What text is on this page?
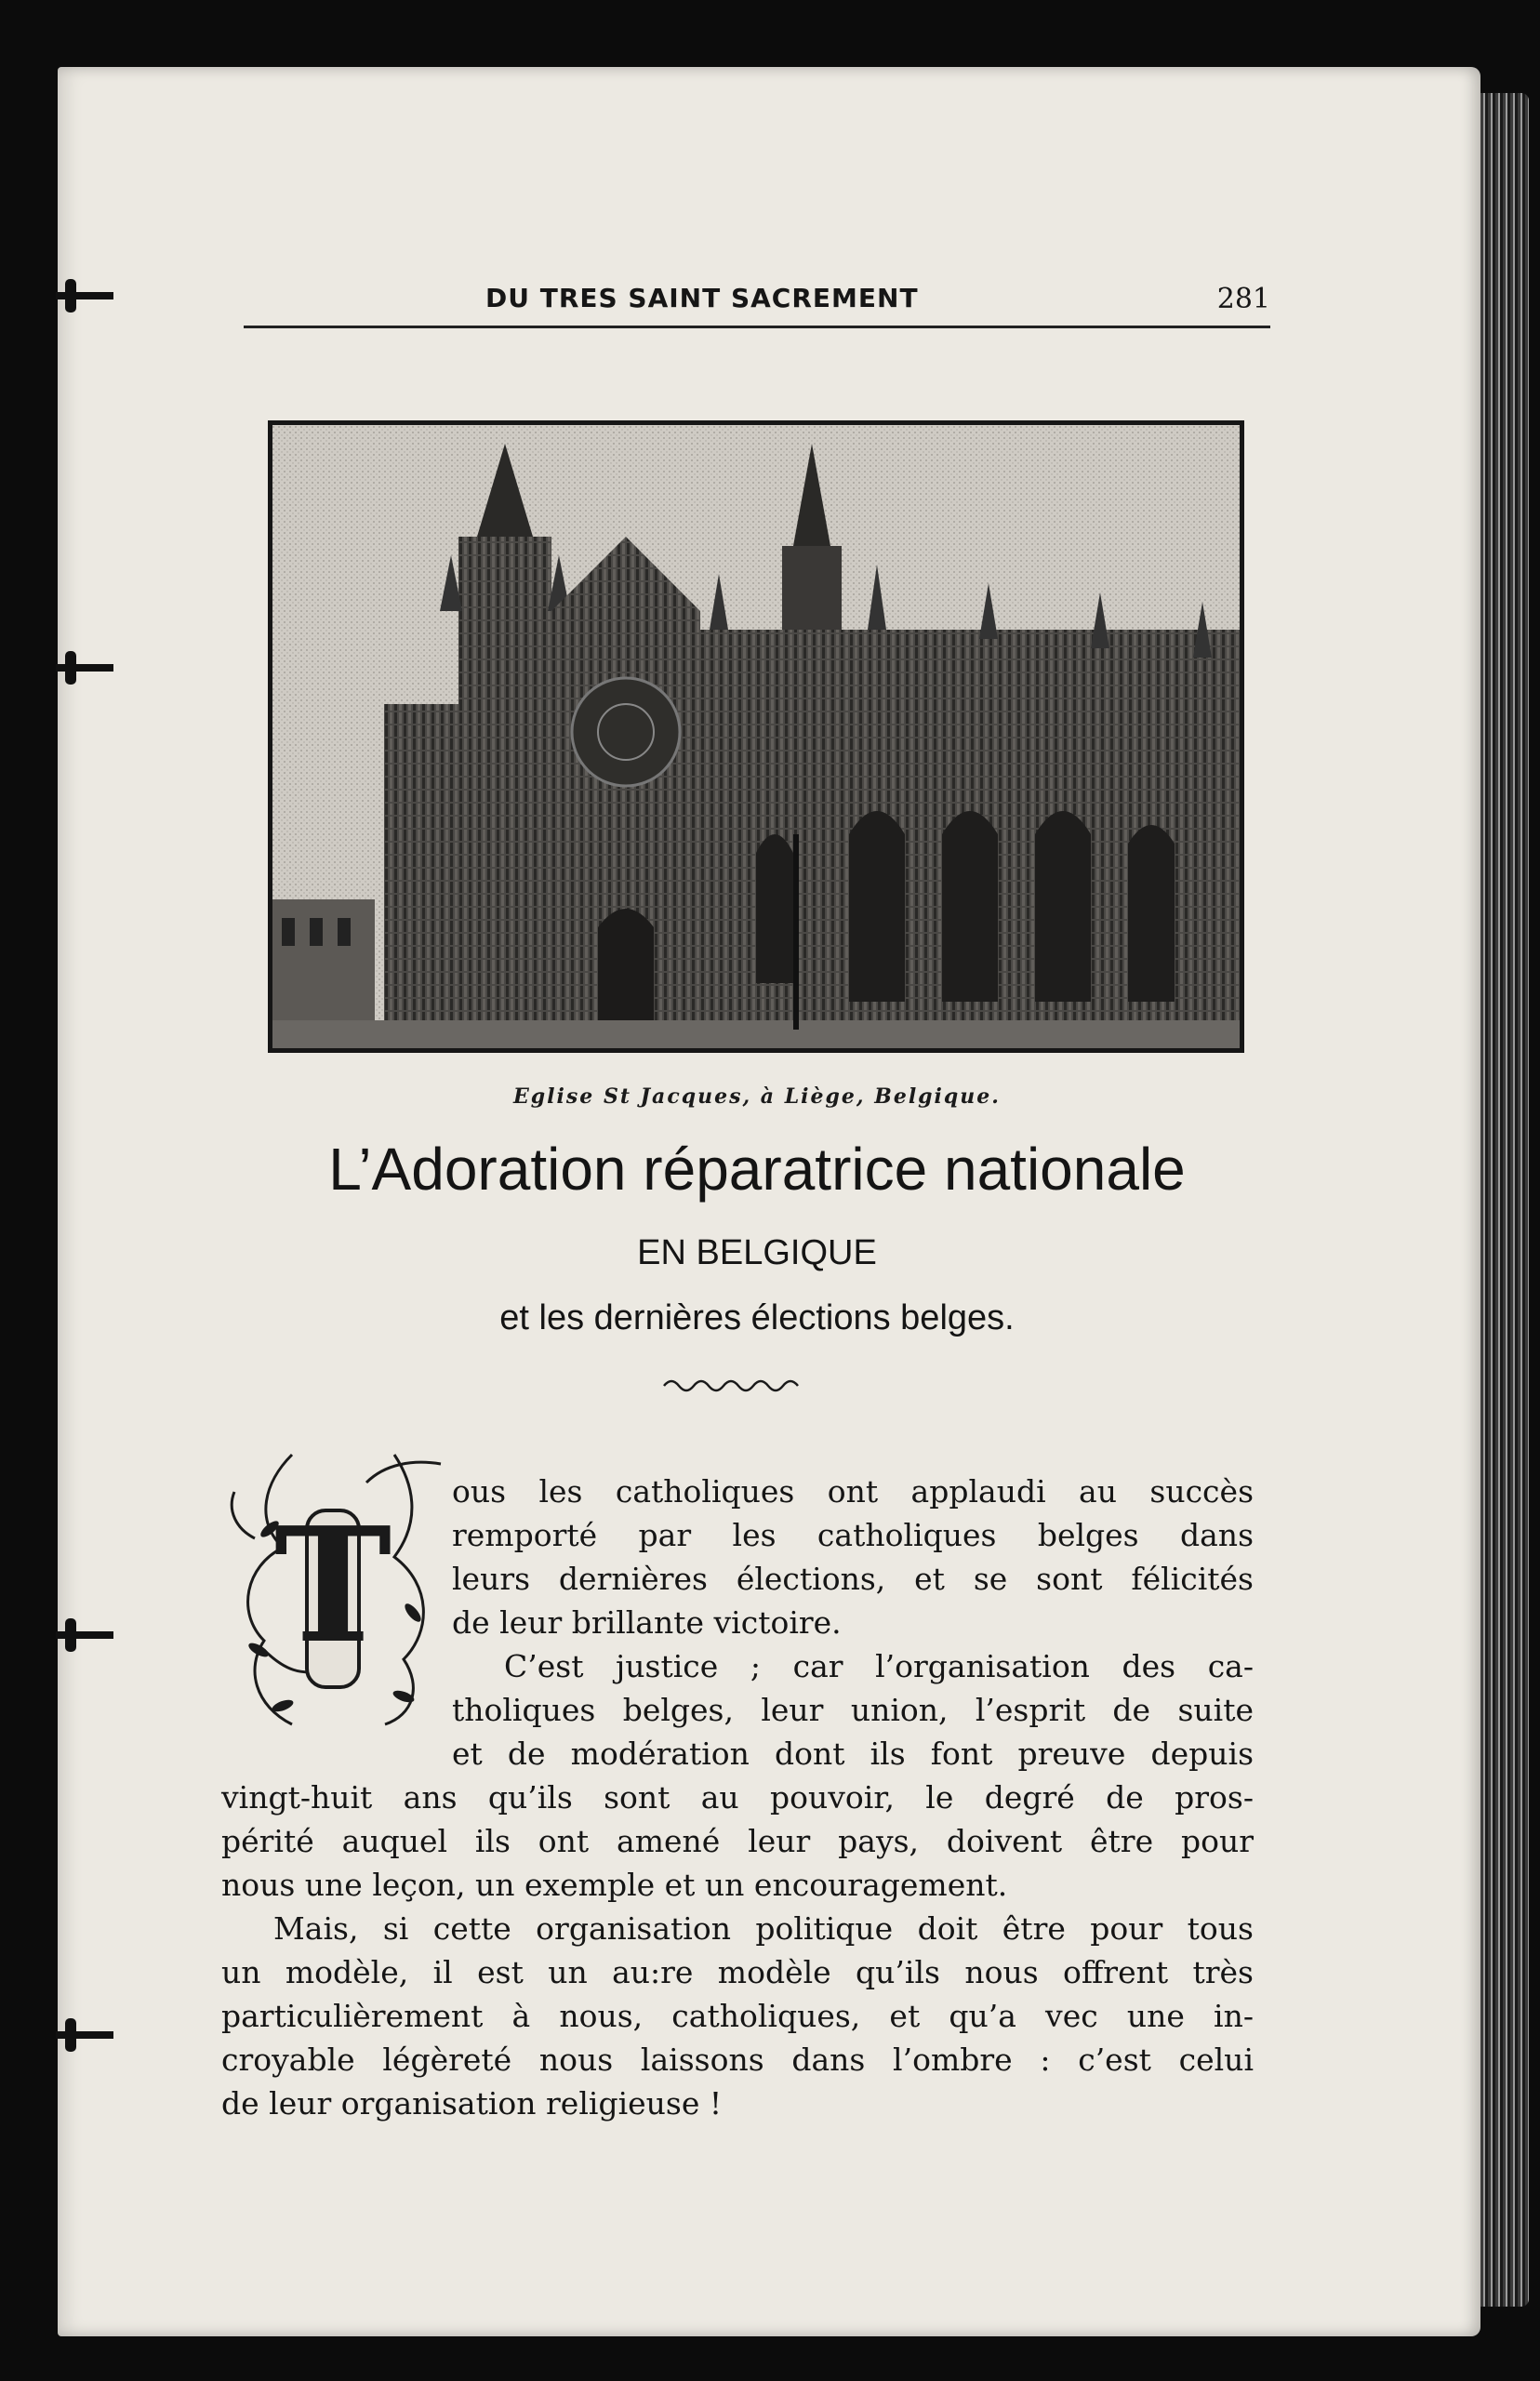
DU TRES SAINT SACREMENT	281
Eglise St Jacques, à Liège, Belgique.
L’Adoration réparatrice nationale
EN BELGIQUE
et les dernières élections belges.
T
ous les catholiques ont applaudi au succès
remporté par les catholiques belges dans
leurs dernières élections, et se sont félicités
de leur brillante victoire.
C’est justice ; car l’organisation des ca-
tholiques belges, leur union, l’esprit de suite
et de modération dont ils font preuve depuis
vingt-huit ans qu’ils sont au pouvoir, le degré de pros-
périté auquel ils ont amené leur pays, doivent être pour
nous une leçon, un exemple et un encouragement.
Mais, si cette organisation politique doit être pour tous
un modèle, il est un au:re modèle qu’ils nous offrent très
particulièrement à nous, catholiques, et qu’a vec une in-
croyable légèreté nous laissons dans l’ombre : c’est celui
de leur organisation religieuse !
